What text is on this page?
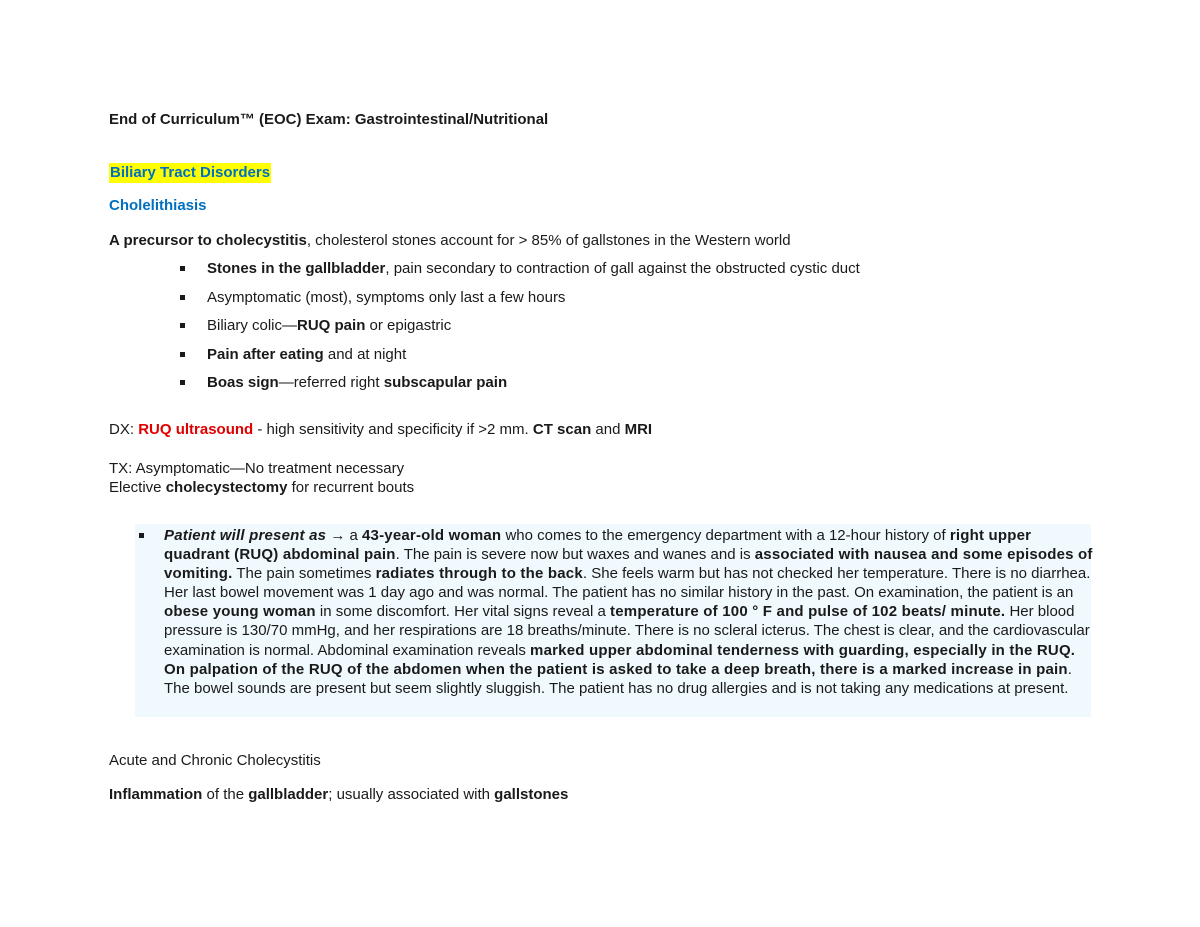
End of Curriculum™ (EOC) Exam: Gastrointestinal/Nutritional
Biliary Tract Disorders
Cholelithiasis
A precursor to cholecystitis, cholesterol stones account for > 85% of gallstones in the Western world
Stones in the gallbladder, pain secondary to contraction of gall against the obstructed cystic duct
Asymptomatic (most), symptoms only last a few hours
Biliary colic—RUQ pain or epigastric
Pain after eating and at night
Boas sign—referred right subscapular pain
DX: RUQ ultrasound - high sensitivity and specificity if >2 mm. CT scan and MRI
TX: Asymptomatic—No treatment necessary
Elective cholecystectomy for recurrent bouts
Patient will present as → a 43-year-old woman who comes to the emergency department with a 12-hour history of right upper quadrant (RUQ) abdominal pain. The pain is severe now but waxes and wanes and is associated with nausea and some episodes of vomiting. The pain sometimes radiates through to the back. She feels warm but has not checked her temperature. There is no diarrhea. Her last bowel movement was 1 day ago and was normal. The patient has no similar history in the past. On examination, the patient is an obese young woman in some discomfort. Her vital signs reveal a temperature of 100 ° F and pulse of 102 beats/ minute. Her blood pressure is 130/70 mmHg, and her respirations are 18 breaths/minute. There is no scleral icterus. The chest is clear, and the cardiovascular examination is normal. Abdominal examination reveals marked upper abdominal tenderness with guarding, especially in the RUQ. On palpation of the RUQ of the abdomen when the patient is asked to take a deep breath, there is a marked increase in pain. The bowel sounds are present but seem slightly sluggish. The patient has no drug allergies and is not taking any medications at present.
Acute and Chronic Cholecystitis
Inflammation of the gallbladder; usually associated with gallstones
